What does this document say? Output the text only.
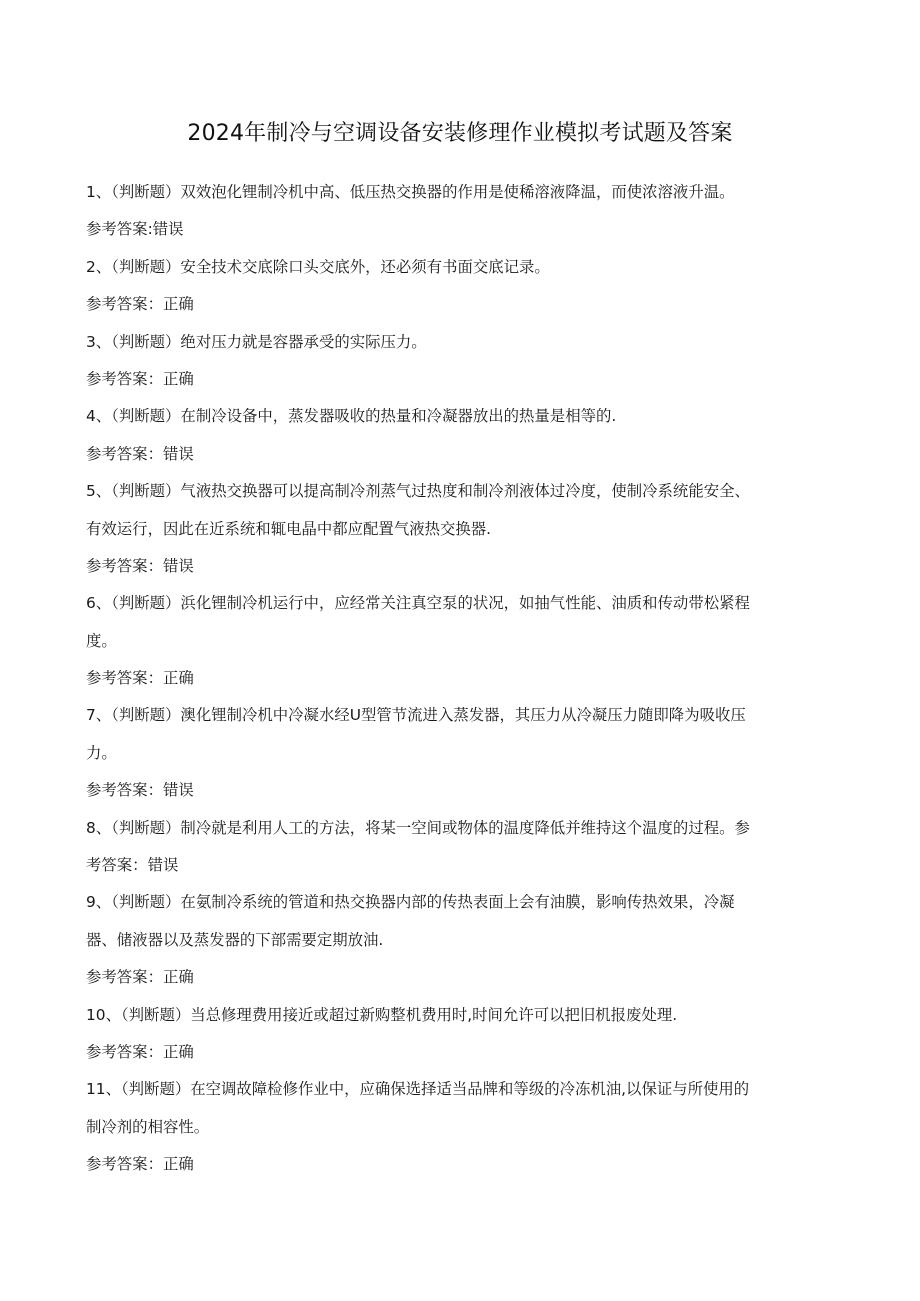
2024年制冷与空调设备安装修理作业模拟考试题及答案
1、（判断题）双效泡化锂制冷机中高、低压热交换器的作用是使稀溶液降温，而使浓溶液升温。
参考答案:错误
2、（判断题）安全技术交底除口头交底外，还必须有书面交底记录。
参考答案：正确
3、（判断题）绝对压力就是容器承受的实际压力。
参考答案：正确
4、（判断题）在制冷设备中，蒸发器吸收的热量和冷凝器放出的热量是相等的.
参考答案：错误
5、（判断题）气液热交换器可以提高制冷剂蒸气过热度和制冷剂液体过冷度，使制冷系统能安全、
有效运行，因此在近系统和辄电晶中都应配置气液热交换器.
参考答案：错误
6、（判断题）浜化锂制冷机运行中，应经常关注真空泵的状况，如抽气性能、油质和传动带松紧程
度。
参考答案：正确
7、（判断题）澳化锂制冷机中冷凝水经U型管节流进入蒸发器，其压力从冷凝压力随即降为吸收压
力。
参考答案：错误
8、（判断题）制冷就是利用人工的方法，将某一空间或物体的温度降低并维持这个温度的过程。参
考答案：错误
9、（判断题）在氨制冷系统的管道和热交换器内部的传热表面上会有油膜，影响传热效果，冷凝
器、储液器以及蒸发器的下部需要定期放油.
参考答案：正确
10、（判断题）当总修理费用接近或超过新购整机费用时,时间允许可以把旧机报废处理.
参考答案：正确
11、（判断题）在空调故障检修作业中，应确保选择适当品牌和等级的冷冻机油,以保证与所使用的
制冷剂的相容性。
参考答案：正确
